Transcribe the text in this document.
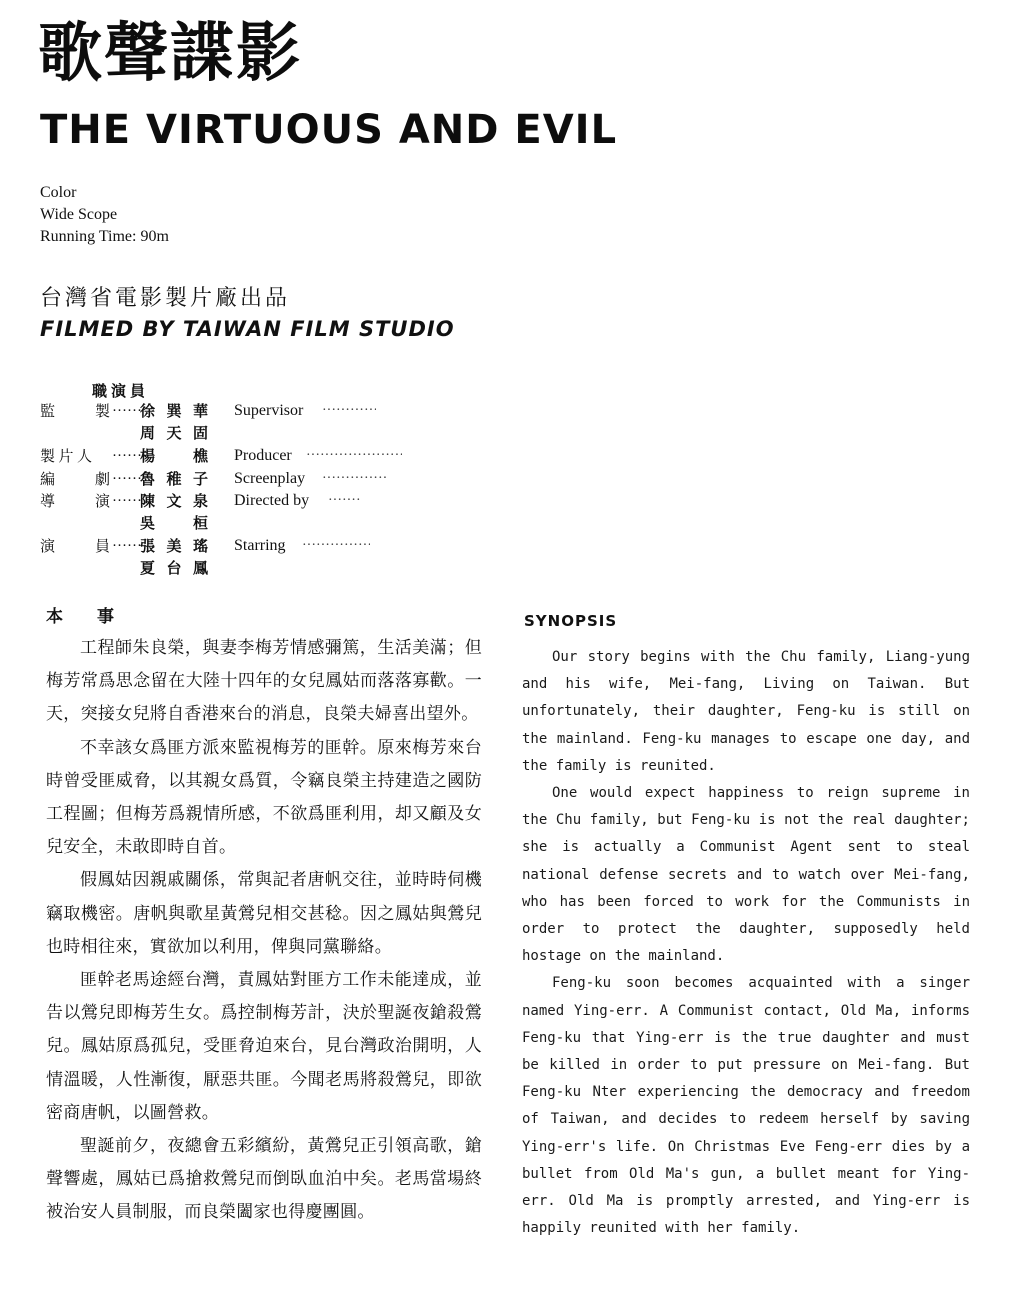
歌聲諜影
THE VIRTUOUS AND EVIL
Color
Wide Scope
Running Time: 90m
台灣省電影製片廠出品
FILMED BY TAIWAN FILM STUDIO
職演員
監	製 ······ 徐 巽 華 Supervisor
·····
周 天 固
製 片 人 ······	楊	樵 Producer
·····
編	劇 ······ 魯 稚 子 Screenplay
·····
導	演 ······ 陳 文 泉 Directed by
·····
吳	桓
演	員 ······ 張 美 瑤 Starring
·····
夏 台 鳳
本事

工程師朱良榮，與妻李梅芳情感彌篤，生活美滿；但梅芳常爲思念留在大陸十四年的女兒鳳姑而落落寡歡。一天，突接女兒將自香港來台的消息，良榮夫婦喜出望外。

不幸該女爲匪方派來監視梅芳的匪幹。原來梅芳來台時曾受匪威脅，以其親女爲質，令竊良榮主持建造之國防工程圖；但梅芳爲親情所感，不欲爲匪利用，却又顧及女兒安全，未敢即時自首。

假鳳姑因親戚關係，常與記者唐帆交往，並時時伺機竊取機密。唐帆與歌星黃鶯兒相交甚稔。因之鳳姑與鶯兒也時相往來，實欲加以利用，俾與同黨聯絡。

匪幹老馬途經台灣，責鳳姑對匪方工作未能達成，並告以鶯兒即梅芳生女。爲控制梅芳計，決於聖誕夜鎗殺鶯兒。鳳姑原爲孤兒，受匪脅迫來台，見台灣政治開明，人情溫暖，人性漸復，厭惡共匪。今聞老馬將殺鶯兒，即欲密商唐帆，以圖營救。

聖誕前夕，夜總會五彩繽紛，黃鶯兒正引領高歌，鎗聲響處，鳳姑已爲搶救鶯兒而倒臥血泊中矣。老馬當場終被治安人員制服，而良榮闔家也得慶團圓。

SYNOPSIS

Our story begins with the Chu family, Liang-yung and his wife, Mei-fang, Living on Taiwan. But unfortunately, their daughter, Feng-ku is still on the mainland. Feng-ku manages to escape one day, and the family is reunited.

One would expect happiness to reign supreme in the Chu family, but Feng-ku is not the real daughter; she is actually a Communist Agent sent to steal national defense secrets and to watch over Mei-fang, who has been forced to work for the Communists in order to protect the daughter, supposedly held hostage on the mainland.

Feng-ku soon becomes acquainted with a singer named Ying-err. A Communist contact, Old Ma, informs Feng-ku that Ying-err is the true daughter and must be killed in order to put pressure on Mei-fang. But Feng-ku Nter experiencing the democracy and freedom of Taiwan, and decides to redeem herself by saving Ying-err's life. On Christmas Eve Feng-err dies by a bullet from Old Ma's gun, a bullet meant for Ying-err. Old Ma is promptly arrested, and Ying-err is happily reunited with her family.
